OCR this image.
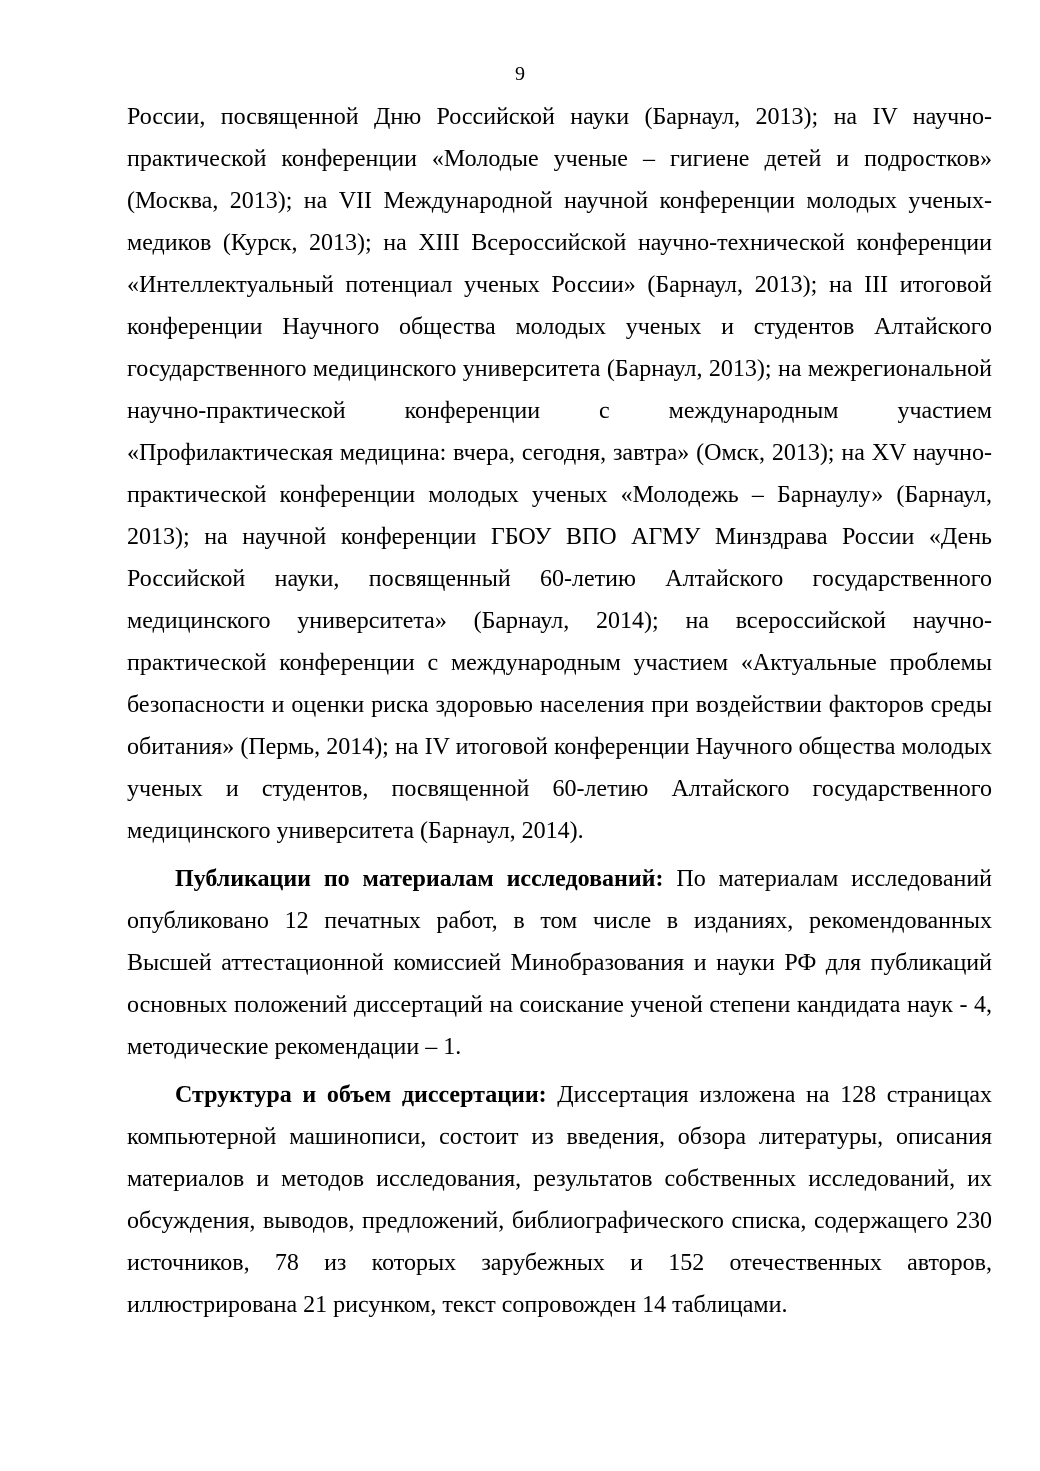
9

России, посвященной Дню Российской науки (Барнаул, 2013); на IV научно-практической конференции «Молодые ученые – гигиене детей и подростков» (Москва, 2013); на VII Международной научной конференции молодых ученых-медиков (Курск, 2013); на XIII Всероссийской научно-технической конференции «Интеллектуальный потенциал ученых России» (Барнаул, 2013); на III итоговой конференции Научного общества молодых ученых и студентов Алтайского государственного медицинского университета (Барнаул, 2013); на межрегиональной научно-практической конференции с международным участием «Профилактическая медицина: вчера, сегодня, завтра» (Омск, 2013); на XV научно-практической конференции молодых ученых «Молодежь – Барнаулу» (Барнаул, 2013); на научной конференции ГБОУ ВПО АГМУ Минздрава России «День Российской науки, посвященный 60-летию Алтайского государственного медицинского университета» (Барнаул, 2014); на всероссийской научно-практической конференции с международным участием «Актуальные проблемы безопасности и оценки риска здоровью населения при воздействии факторов среды обитания» (Пермь, 2014); на IV итоговой конференции Научного общества молодых ученых и студентов, посвященной 60-летию Алтайского государственного медицинского университета (Барнаул, 2014).

Публикации по материалам исследований: По материалам исследований опубликовано 12 печатных работ, в том числе в изданиях, рекомендованных Высшей аттестационной комиссией Минобразования и науки РФ для публикаций основных положений диссертаций на соискание ученой степени кандидата наук - 4, методические рекомендации – 1.

Структура и объем диссертации: Диссертация изложена на 128 страницах компьютерной машинописи, состоит из введения, обзора литературы, описания материалов и методов исследования, результатов собственных исследований, их обсуждения, выводов, предложений, библиографического списка, содержащего 230 источников, 78 из которых зарубежных и 152 отечественных авторов, иллюстрирована 21 рисунком, текст сопровожден 14 таблицами.
